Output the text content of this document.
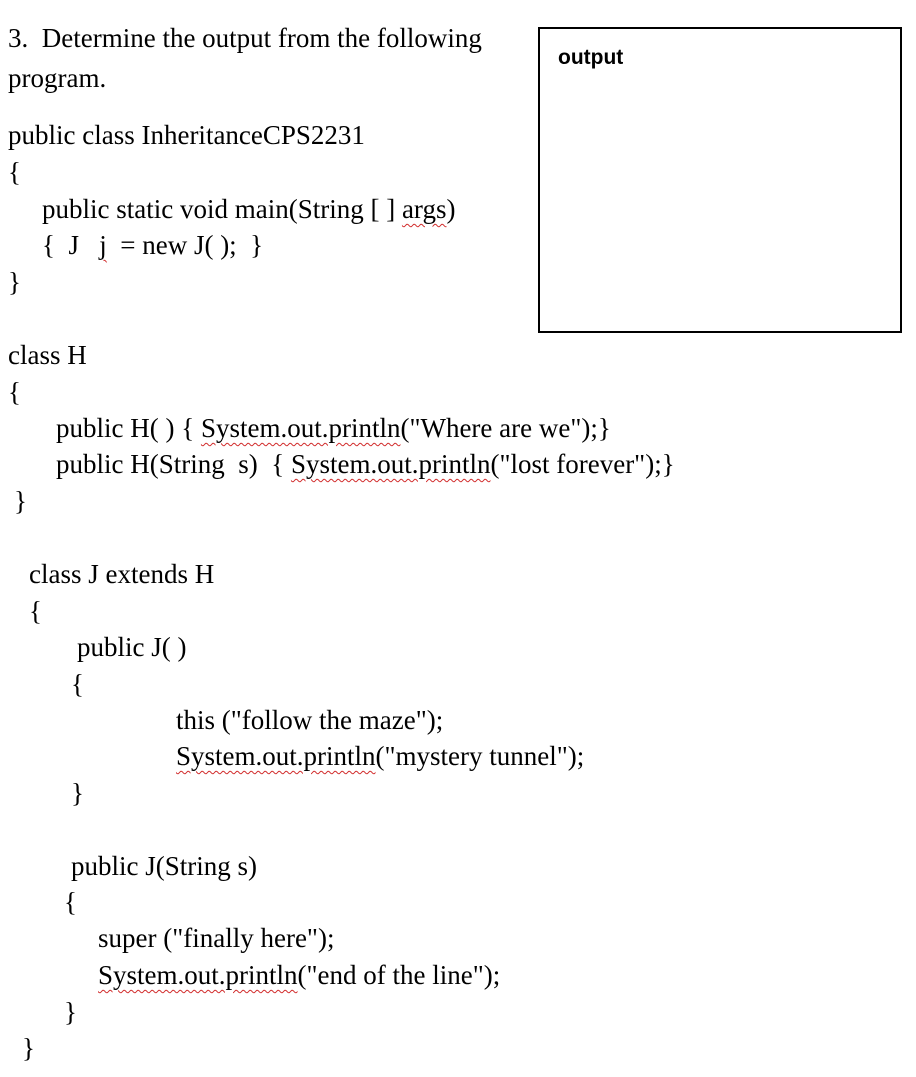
3.  Determine the output from the following
program.
output
public class InheritanceCPS2231
{
public static void main(String [ ] args)
{  J   j  = new J( );  }
}
class H
{
public H( ) { System.out.println("Where are we");}
public H(String  s)  { System.out.println("lost forever");}
}
class J extends H
{
public J( )
{
this ("follow the maze");
System.out.println("mystery tunnel");
}
public J(String s)
{
super ("finally here");
System.out.println("end of the line");
}
}
